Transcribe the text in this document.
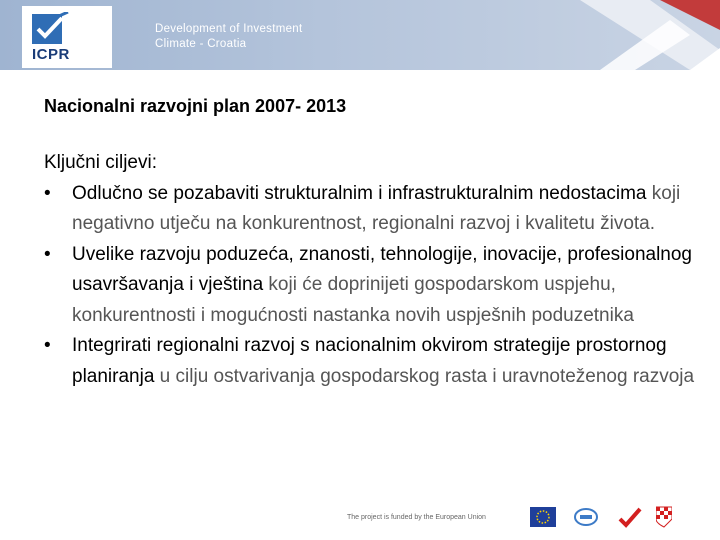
ICPR
Development of Investment
Climate - Croatia
Nacionalni razvojni plan 2007- 2013
Ključni ciljevi:
• Odlučno se pozabaviti strukturalnim i infrastrukturalnim nedostacima koji negativno utječu na konkurentnost, regionalni razvoj i kvalitetu života.
• Uvelike razvoju poduzeća, znanosti, tehnologije, inovacije, profesionalnog usavršavanja i vještina koji će doprinijeti gospodarskom uspjehu, konkurentnosti i mogućnosti nastanka novih uspješnih poduzetnika
• Integrirati regionalni razvoj s nacionalnim okvirom strategije prostornog planiranja u cilju ostvarivanja gospodarskog rasta i uravnoteženog razvoja
The project is funded by the European Union
